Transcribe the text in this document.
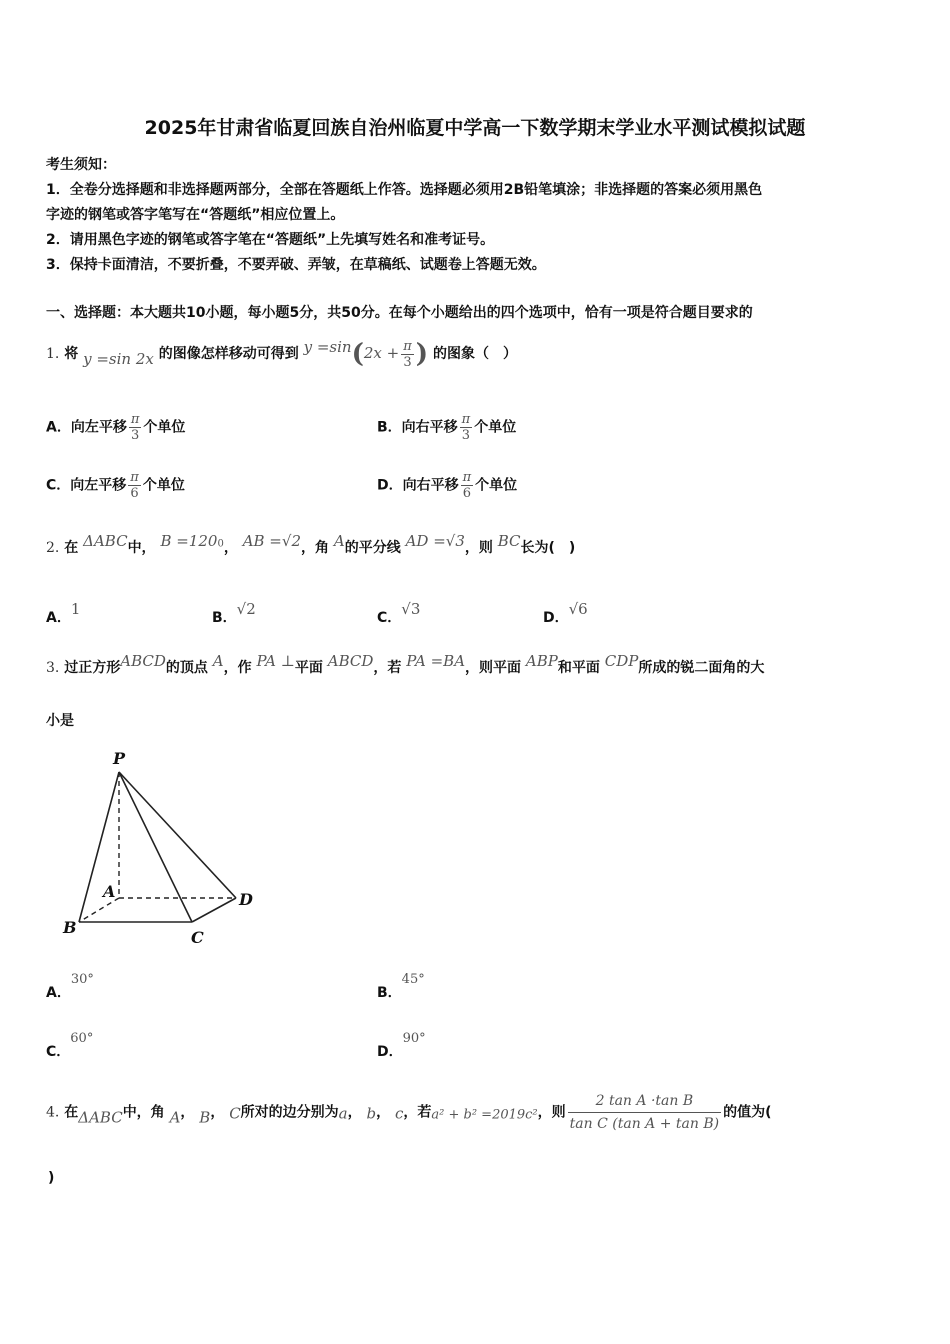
2025年甘肃省临夏回族自治州临夏中学高一下数学期末学业水平测试模拟试题
考生须知：
1．全卷分选择题和非选择题两部分，全部在答题纸上作答。选择题必须用2B铅笔填涂；非选择题的答案必须用黑色
字迹的钢笔或答字笔写在“答题纸”相应位置上。
2．请用黑色字迹的钢笔或答字笔在“答题纸”上先填写姓名和准考证号。
3．保持卡面清洁，不要折叠，不要弄破、弄皱，在草稿纸、试题卷上答题无效。
一、选择题：本大题共10小题，每小题5分，共50分。在每个小题给出的四个选项中，恰有一项是符合题目要求的
1. 将 y =sin 2x 的图像怎样移动可得到 $y =\sin(2x + \frac{\pi}{3}$ ) 的图象（　）
A．向左平移 $\frac{\pi}{3}$ 个单位	B．向右平移 $\frac{\pi}{3}$ 个单位
C．向左平移 $\frac{\pi}{6}$ 个单位	D．向右平移 $\frac{\pi}{6}$ 个单位
2. 在 ΔABC中， $B =120^0$， AB =√2，角 A的平分线 AD =√3，则 BC长为(　)
A．1	B．√2	C．√3	D．√6
3. 过正方形ABCD的顶点 A，作 PA ⊥平面 ABCD，若 PA =BA，则平面 ABP和平面 CDP所成的锐二面角的大
小是
P
A
B
C
D
A．30°
B．45°
C．60°
D．90°
4. 在ΔABC中，角 A， B， C所对的边分别为a， b， c，若a² + b² =2019c²，则 $\frac{\text{2 tan A ·tan B}}{\text{tan C (tan A + tan B)}}$ 的值为(
)
